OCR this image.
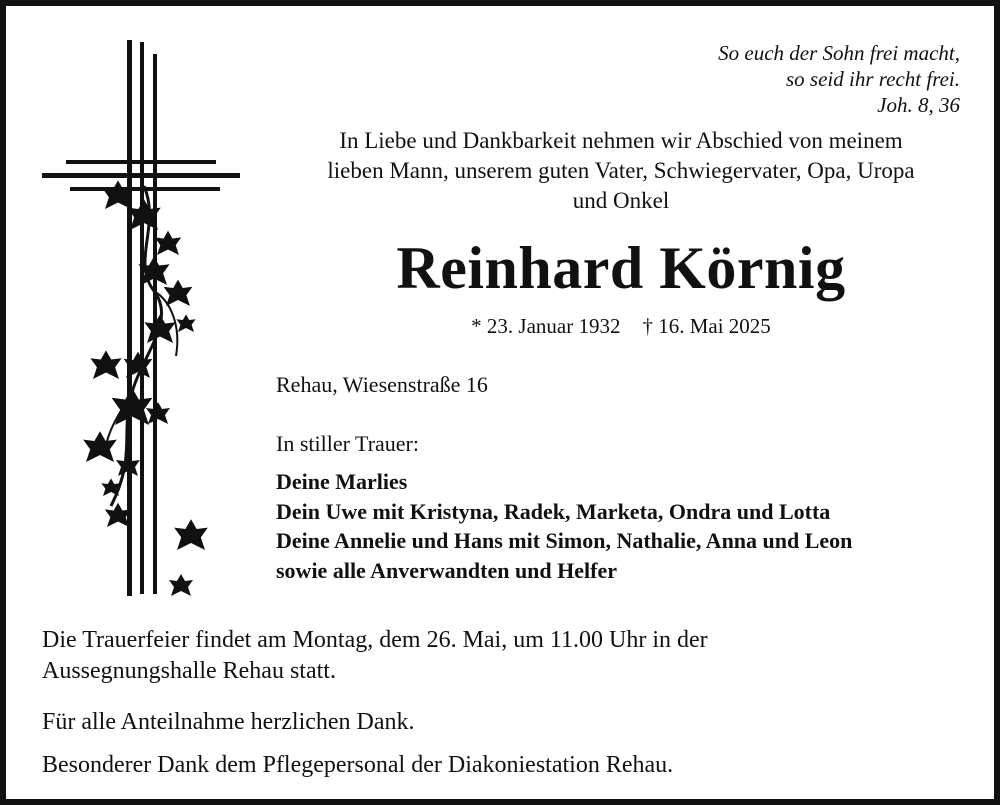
So euch der Sohn frei macht,
so seid ihr recht frei.
Joh. 8, 36
In Liebe und Dankbarkeit nehmen wir Abschied von meinem
lieben Mann, unserem guten Vater, Schwiegervater, Opa, Uropa
und Onkel
Reinhard Körnig
* 23. Januar 1932 † 16. Mai 2025
Rehau, Wiesenstraße 16
In stiller Trauer:
Deine Marlies
Dein Uwe mit Kristyna, Radek, Marketa, Ondra und Lotta
Deine Annelie und Hans mit Simon, Nathalie, Anna und Leon
sowie alle Anverwandten und Helfer
Die Trauerfeier findet am Montag, dem 26. Mai, um 11.00 Uhr in der
Aussegnungshalle Rehau statt.
Für alle Anteilnahme herzlichen Dank.
Besonderer Dank dem Pflegepersonal der Diakoniestation Rehau.
